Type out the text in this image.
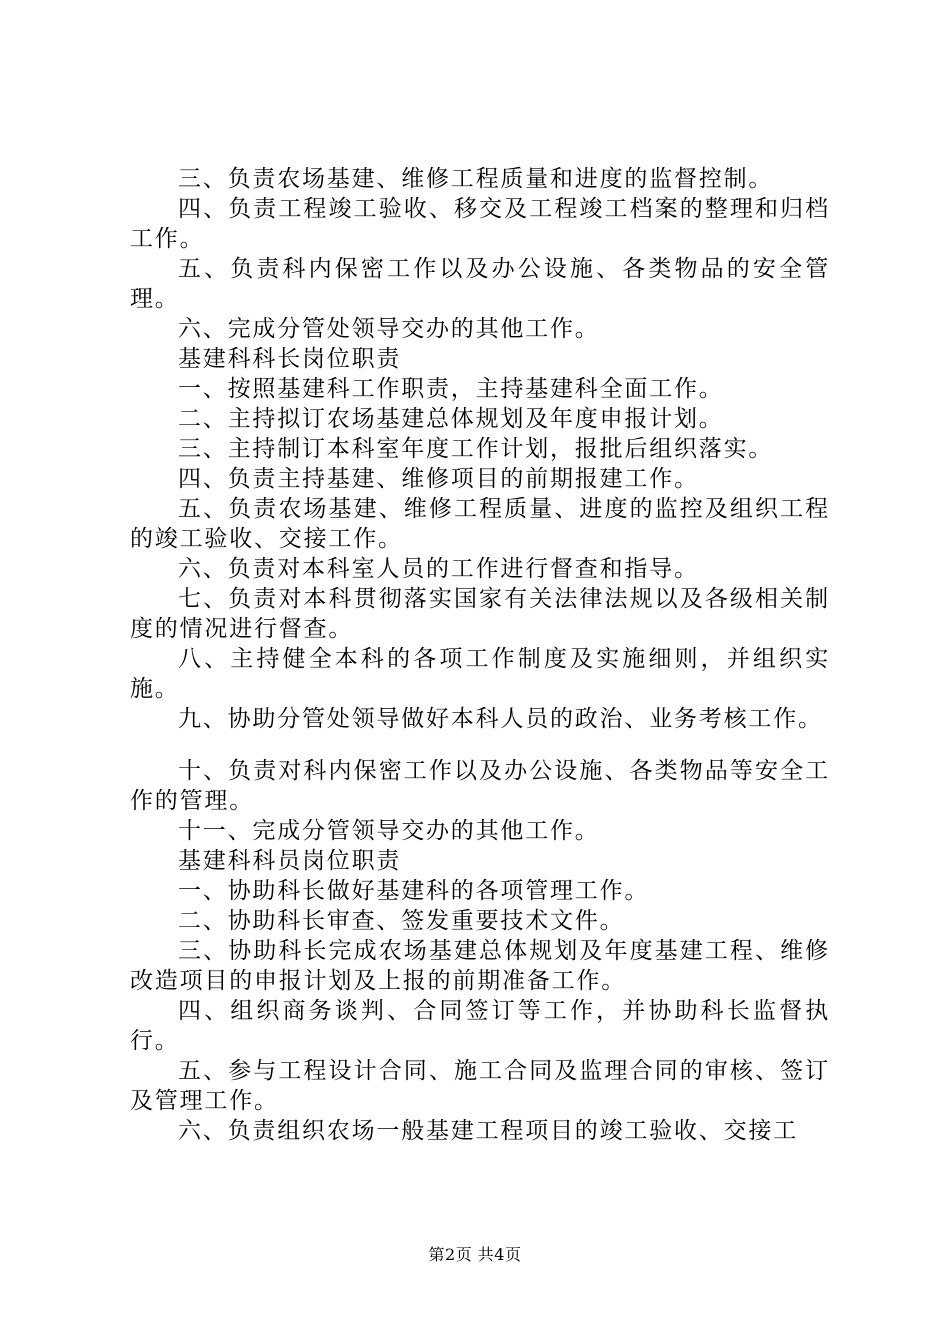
三、负责农场基建、维修工程质量和进度的监督控制。

四、负责工程竣工验收、移交及工程竣工档案的整理和归档工作。

五、负责科内保密工作以及办公设施、各类物品的安全管理。

六、完成分管处领导交办的其他工作。

基建科科长岗位职责

一、按照基建科工作职责，主持基建科全面工作。

二、主持拟订农场基建总体规划及年度申报计划。

三、主持制订本科室年度工作计划，报批后组织落实。

四、负责主持基建、维修项目的前期报建工作。

五、负责农场基建、维修工程质量、进度的监控及组织工程的竣工验收、交接工作。

六、负责对本科室人员的工作进行督查和指导。

七、负责对本科贯彻落实国家有关法律法规以及各级相关制度的情况进行督查。

八、主持健全本科的各项工作制度及实施细则，并组织实施。

九、协助分管处领导做好本科人员的政治、业务考核工作。

十、负责对科内保密工作以及办公设施、各类物品等安全工作的管理。

十一、完成分管领导交办的其他工作。

基建科科员岗位职责

一、协助科长做好基建科的各项管理工作。

二、协助科长审查、签发重要技术文件。

三、协助科长完成农场基建总体规划及年度基建工程、维修改造项目的申报计划及上报的前期准备工作。

四、组织商务谈判、合同签订等工作，并协助科长监督执行。

五、参与工程设计合同、施工合同及监理合同的审核、签订及管理工作。

六、负责组织农场一般基建工程项目的竣工验收、交接工

第2页 共4页
